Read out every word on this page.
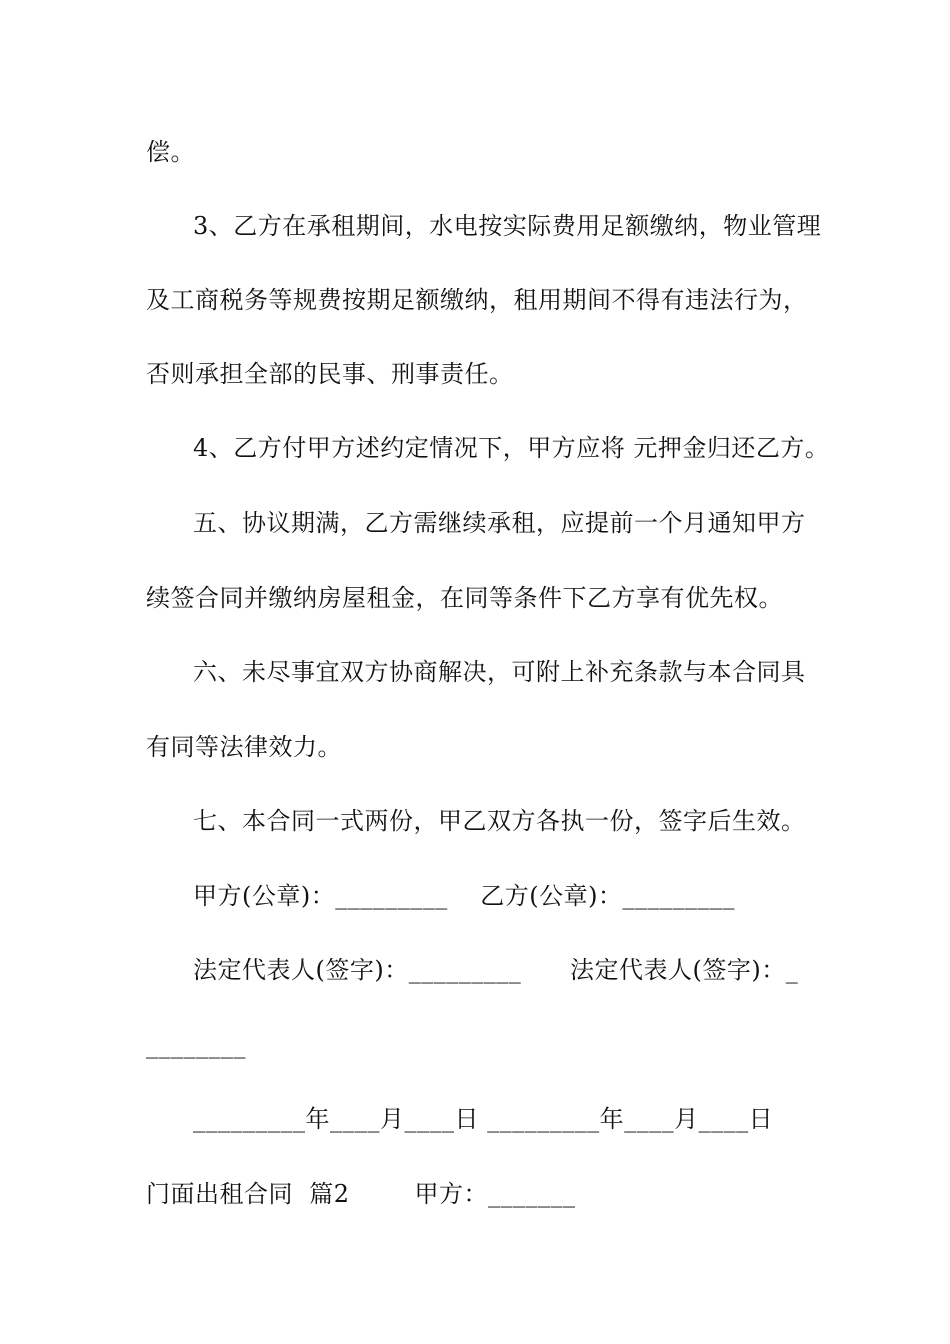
偿。
3、乙方在承租期间，水电按实际费用足额缴纳，物业管理
及工商税务等规费按期足额缴纳，租用期间不得有违法行为，
否则承担全部的民事、刑事责任。
4、乙方付甲方述约定情况下，甲方应将 元押金归还乙方。
五、协议期满，乙方需继续承租，应提前一个月通知甲方
续签合同并缴纳房屋租金，在同等条件下乙方享有优先权。
六、未尽事宜双方协商解决，可附上补充条款与本合同具
有同等法律效力。
七、本合同一式两份，甲乙双方各执一份，签字后生效。
甲方(公章)：_________    乙方(公章)：_________
法定代表人(签字)：_________      法定代表人(签字)：_
________
_________年____月____日 _________年____月____日
门面出租合同  篇2        甲方：_______
